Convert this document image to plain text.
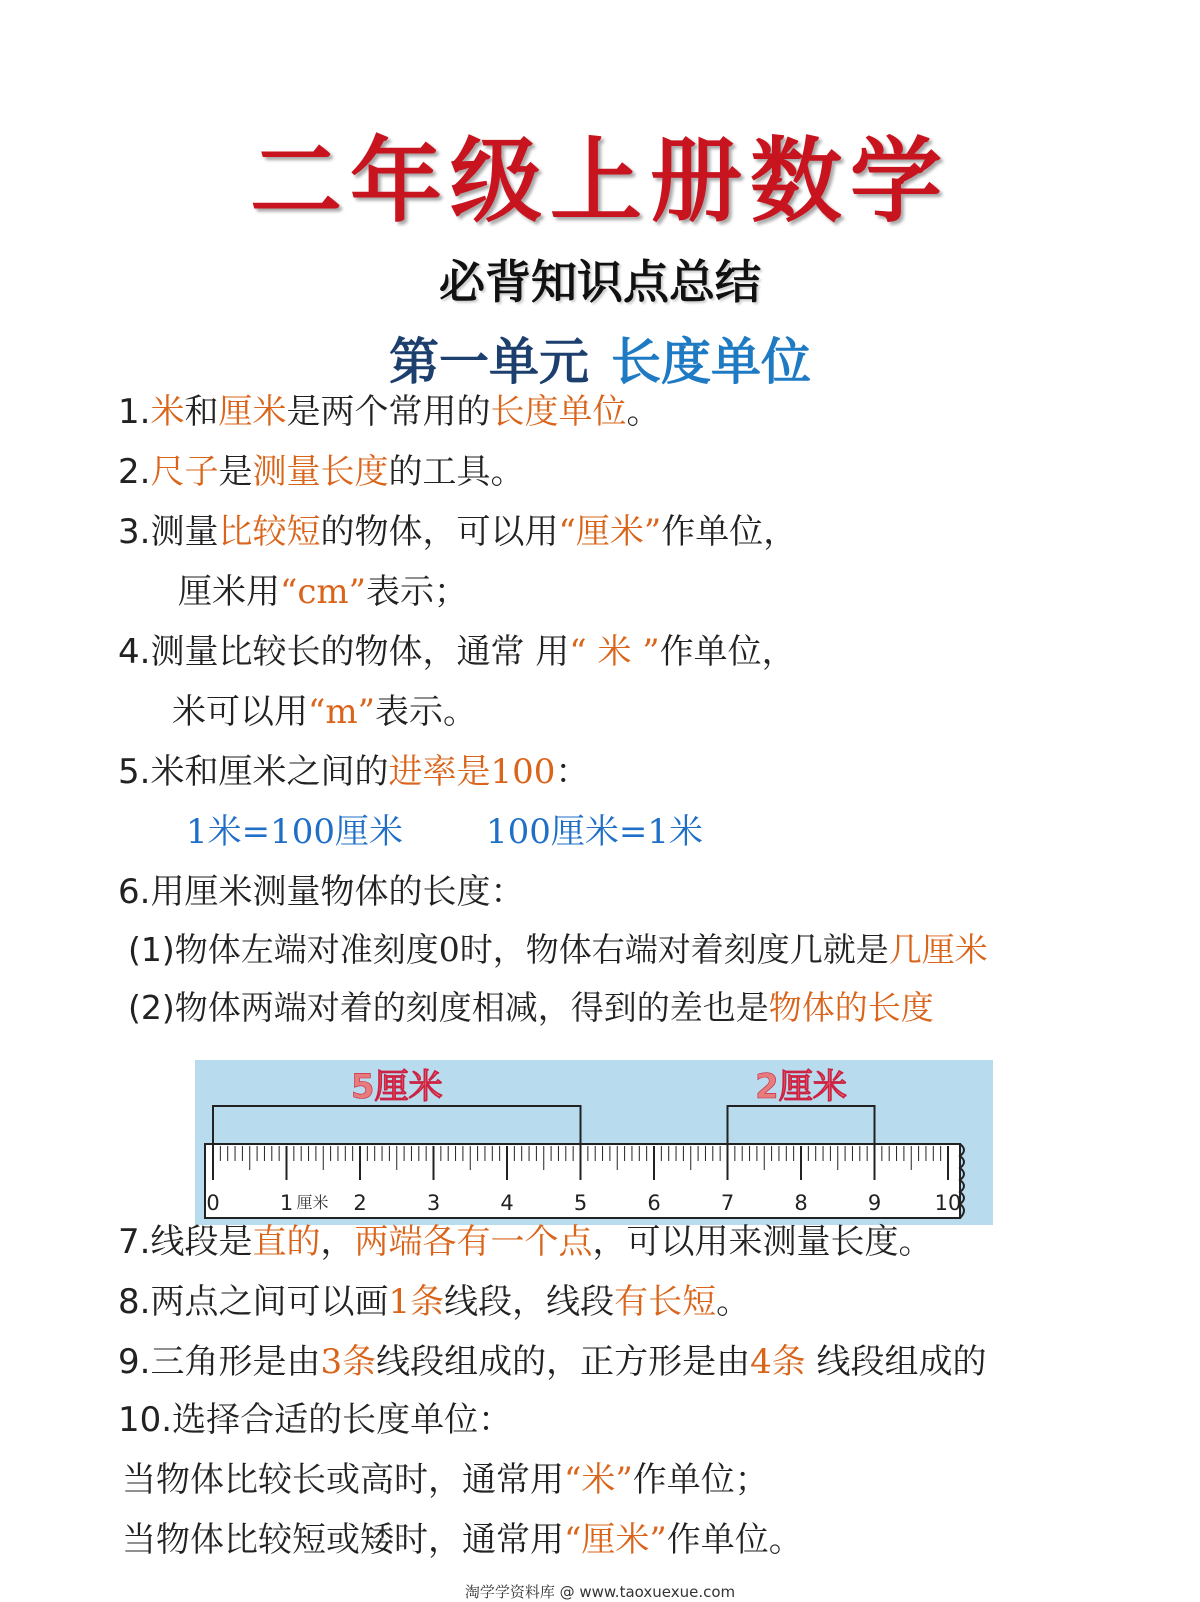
二年级上册数学
必背知识点总结
第一单元 长度单位
1.米和厘米是两个常用的长度单位。
2.尺子是测量长度的工具。
3.测量比较短的物体，可以用“厘米”作单位，
厘米用“cm”表示；
4.测量比较长的物体，通常 用“ 米 ”作单位，
米可以用“m”表示。
5.米和厘米之间的进率是100：
1米=100厘米 100厘米=1米
6.用厘米测量物体的长度：
(1)物体左端对准刻度0时，物体右端对着刻度几就是几厘米
(2)物体两端对着的刻度相减，得到的差也是物体的长度
0	1	2	3	4	5	6	7	8	9	10
5厘米	2厘米
厘米
7.线段是直的，两端各有一个点，可以用来测量长度。
8.两点之间可以画1条线段，线段有长短。
9.三角形是由3条线段组成的，正方形是由4条 线段组成的
10.选择合适的长度单位：
当物体比较长或高时，通常用“米”作单位；
当物体比较短或矮时，通常用“厘米”作单位。
淘学学资料库 @ www.taoxuexue.com
